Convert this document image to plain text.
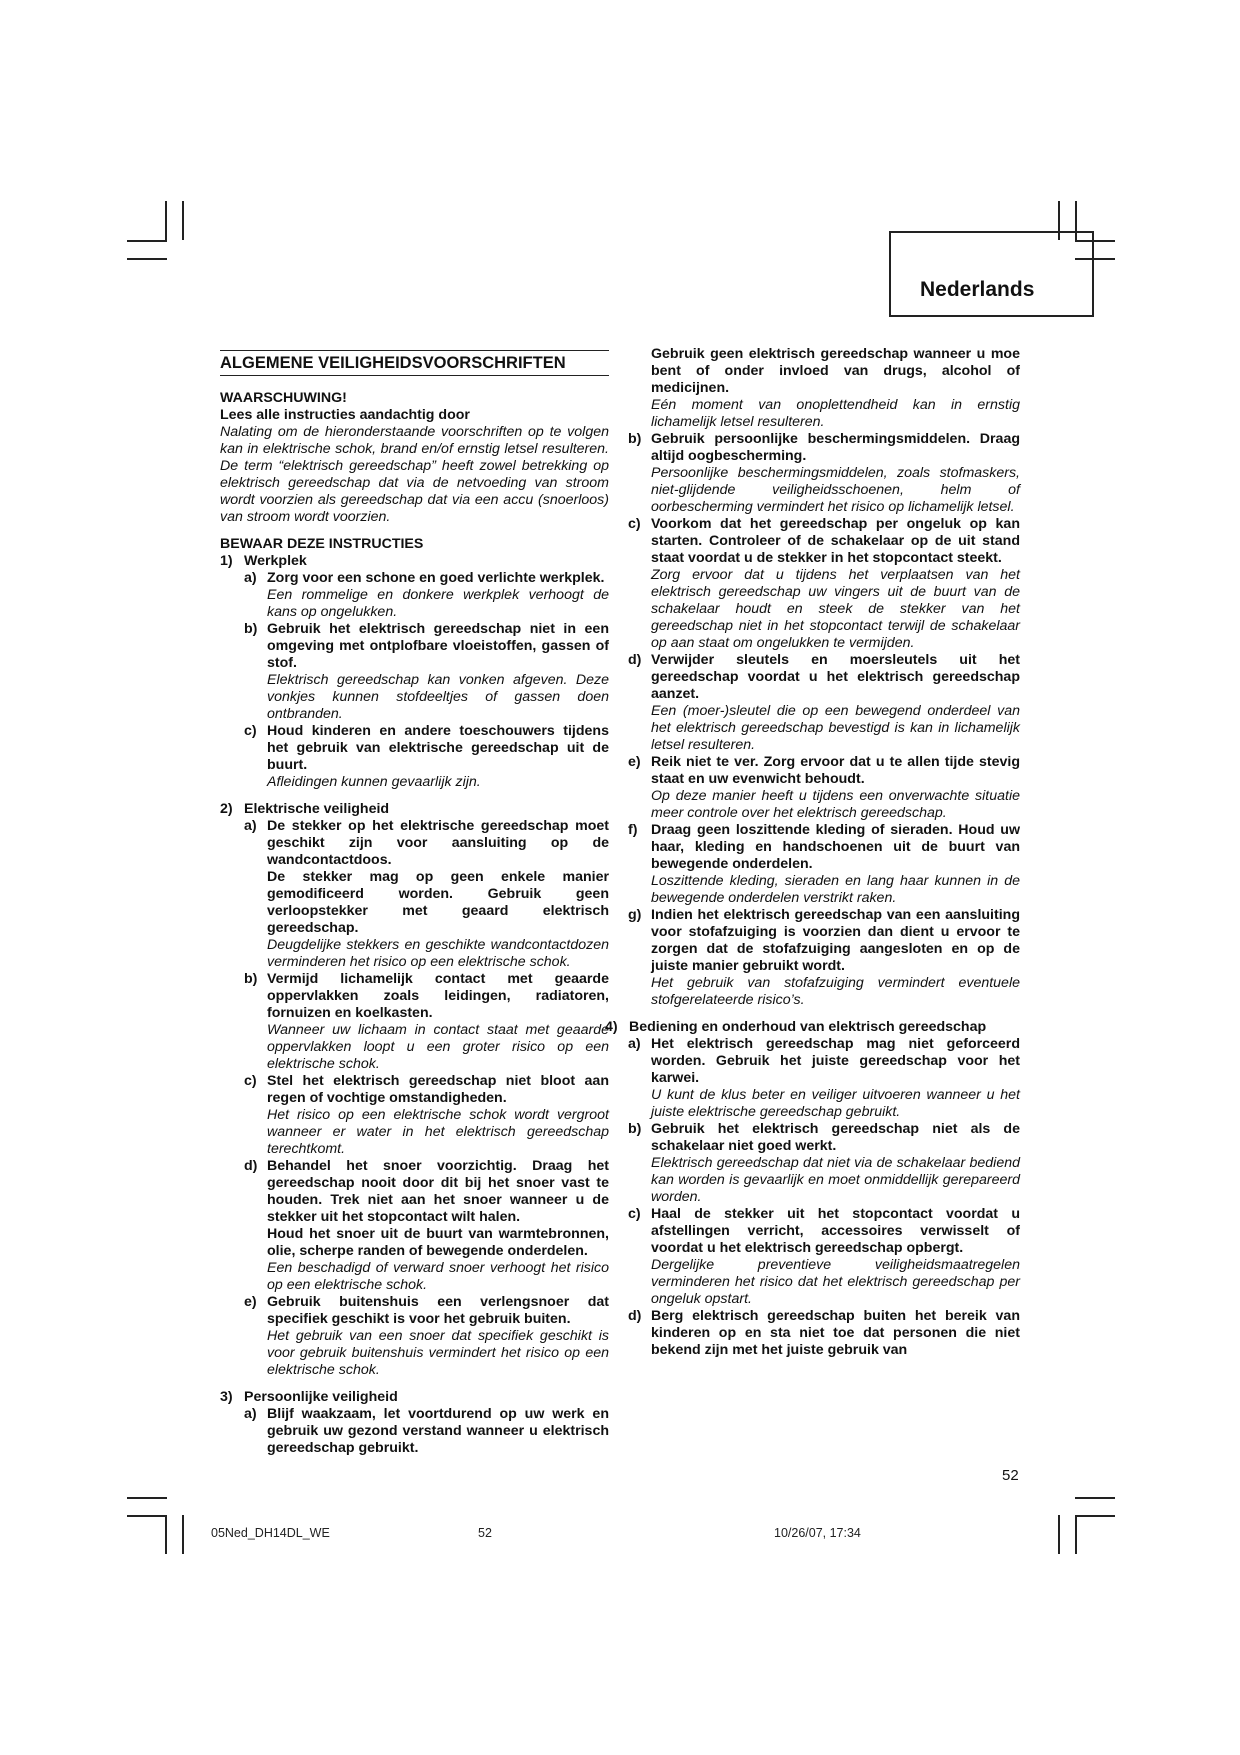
Nederlands
ALGEMENE VEILIGHEIDSVOORSCHRIFTEN
WAARSCHUWING!
Lees alle instructies aandachtig door
Nalating om de hieronderstaande voorschriften op te volgen kan in elektrische schok, brand en/of ernstig letsel resulteren. De term “elektrisch gereedschap” heeft zowel betrekking op elektrisch gereedschap dat via de netvoeding van stroom wordt voorzien als gereedschap dat via een accu (snoerloos) van stroom wordt voorzien.
BEWAAR DEZE INSTRUCTIES
1) Werkplek
a) Zorg voor een schone en goed verlichte werkplek.
Een rommelige en donkere werkplek verhoogt de kans op ongelukken.
b) Gebruik het elektrisch gereedschap niet in een omgeving met ontplofbare vloeistoffen, gassen of stof.
Elektrisch gereedschap kan vonken afgeven. Deze vonkjes kunnen stofdeeltjes of gassen doen ontbranden.
c) Houd kinderen en andere toeschouwers tijdens het gebruik van elektrische gereedschap uit de buurt.
Afleidingen kunnen gevaarlijk zijn.
2) Elektrische veiligheid
a) De stekker op het elektrische gereedschap moet geschikt zijn voor aansluiting op de wandcontactdoos.
De stekker mag op geen enkele manier gemodificeerd worden. Gebruik geen verloopstekker met geaard elektrisch gereedschap.
Deugdelijke stekkers en geschikte wandcontactdozen verminderen het risico op een elektrische schok.
b) Vermijd lichamelijk contact met geaarde oppervlakken zoals leidingen, radiatoren, fornuizen en koelkasten.
Wanneer uw lichaam in contact staat met geaarde oppervlakken loopt u een groter risico op een elektrische schok.
c) Stel het elektrisch gereedschap niet bloot aan regen of vochtige omstandigheden.
Het risico op een elektrische schok wordt vergroot wanneer er water in het elektrisch gereedschap terechtkomt.
d) Behandel het snoer voorzichtig. Draag het gereedschap nooit door dit bij het snoer vast te houden. Trek niet aan het snoer wanneer u de stekker uit het stopcontact wilt halen.
Houd het snoer uit de buurt van warmtebronnen, olie, scherpe randen of bewegende onderdelen.
Een beschadigd of verward snoer verhoogt het risico op een elektrische schok.
e) Gebruik buitenshuis een verlengsnoer dat specifiek geschikt is voor het gebruik buiten.
Het gebruik van een snoer dat specifiek geschikt is voor gebruik buitenshuis vermindert het risico op een elektrische schok.
3) Persoonlijke veiligheid
a) Blijf waakzaam, let voortdurend op uw werk en gebruik uw gezond verstand wanneer u elektrisch gereedschap gebruikt.
Gebruik geen elektrisch gereedschap wanneer u moe bent of onder invloed van drugs, alcohol of medicijnen.
Eén moment van onoplettendheid kan in ernstig lichamelijk letsel resulteren.
b) Gebruik persoonlijke beschermingsmiddelen. Draag altijd oogbescherming.
Persoonlijke beschermingsmiddelen, zoals stofmaskers, niet-glijdende veiligheidsschoenen, helm of oorbescherming vermindert het risico op lichamelijk letsel.
c) Voorkom dat het gereedschap per ongeluk op kan starten. Controleer of de schakelaar op de uit stand staat voordat u de stekker in het stopcontact steekt.
Zorg ervoor dat u tijdens het verplaatsen van het elektrisch gereedschap uw vingers uit de buurt van de schakelaar houdt en steek de stekker van het gereedschap niet in het stopcontact terwijl de schakelaar op aan staat om ongelukken te vermijden.
d) Verwijder sleutels en moersleutels uit het gereedschap voordat u het elektrisch gereedschap aanzet.
Een (moer-)sleutel die op een bewegend onderdeel van het elektrisch gereedschap bevestigd is kan in lichamelijk letsel resulteren.
e) Reik niet te ver. Zorg ervoor dat u te allen tijde stevig staat en uw evenwicht behoudt.
Op deze manier heeft u tijdens een onverwachte situatie meer controle over het elektrisch gereedschap.
f) Draag geen loszittende kleding of sieraden. Houd uw haar, kleding en handschoenen uit de buurt van bewegende onderdelen.
Loszittende kleding, sieraden en lang haar kunnen in de bewegende onderdelen verstrikt raken.
g) Indien het elektrisch gereedschap van een aansluiting voor stofafzuiging is voorzien dan dient u ervoor te zorgen dat de stofafzuiging aangesloten en op de juiste manier gebruikt wordt.
Het gebruik van stofafzuiging vermindert eventuele stofgerelateerde risico’s.
4) Bediening en onderhoud van elektrisch gereedschap
a) Het elektrisch gereedschap mag niet geforceerd worden. Gebruik het juiste gereedschap voor het karwei.
U kunt de klus beter en veiliger uitvoeren wanneer u het juiste elektrische gereedschap gebruikt.
b) Gebruik het elektrisch gereedschap niet als de schakelaar niet goed werkt.
Elektrisch gereedschap dat niet via de schakelaar bediend kan worden is gevaarlijk en moet onmiddellijk gerepareerd worden.
c) Haal de stekker uit het stopcontact voordat u afstellingen verricht, accessoires verwisselt of voordat u het elektrisch gereedschap opbergt.
Dergelijke preventieve veiligheidsmaatregelen verminderen het risico dat het elektrisch gereedschap per ongeluk opstart.
d) Berg elektrisch gereedschap buiten het bereik van kinderen op en sta niet toe dat personen die niet bekend zijn met het juiste gebruik van
52
05Ned_DH14DL_WE	52	10/26/07, 17:34
